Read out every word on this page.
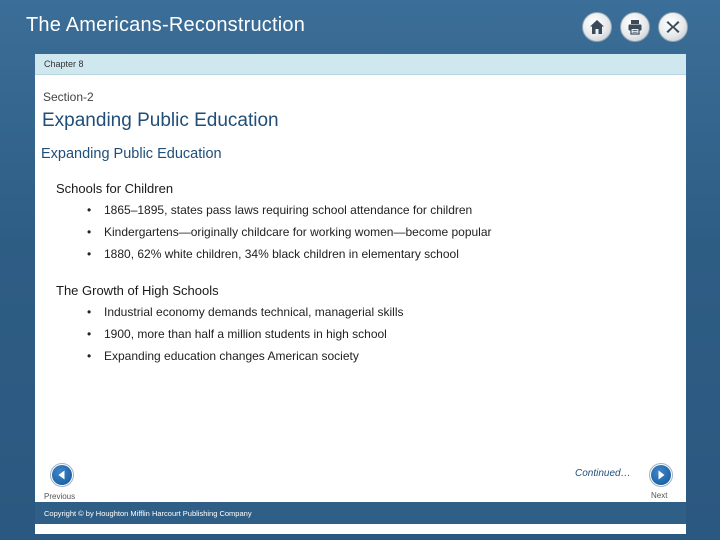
The Americans-Reconstruction
Chapter 8
Section-2
Expanding Public Education
Expanding Public Education
Schools for Children
• 1865–1895, states pass laws requiring school attendance for children
• Kindergartens—originally childcare for working women—become popular
• 1880, 62% white children, 34% black children in elementary school
The Growth of High Schools
• Industrial economy demands technical, managerial skills
• 1900, more than half a million students in high school
• Expanding education changes American society
Continued…
Previous	Next
Copyright © by Houghton Mifflin Harcourt Publishing Company
